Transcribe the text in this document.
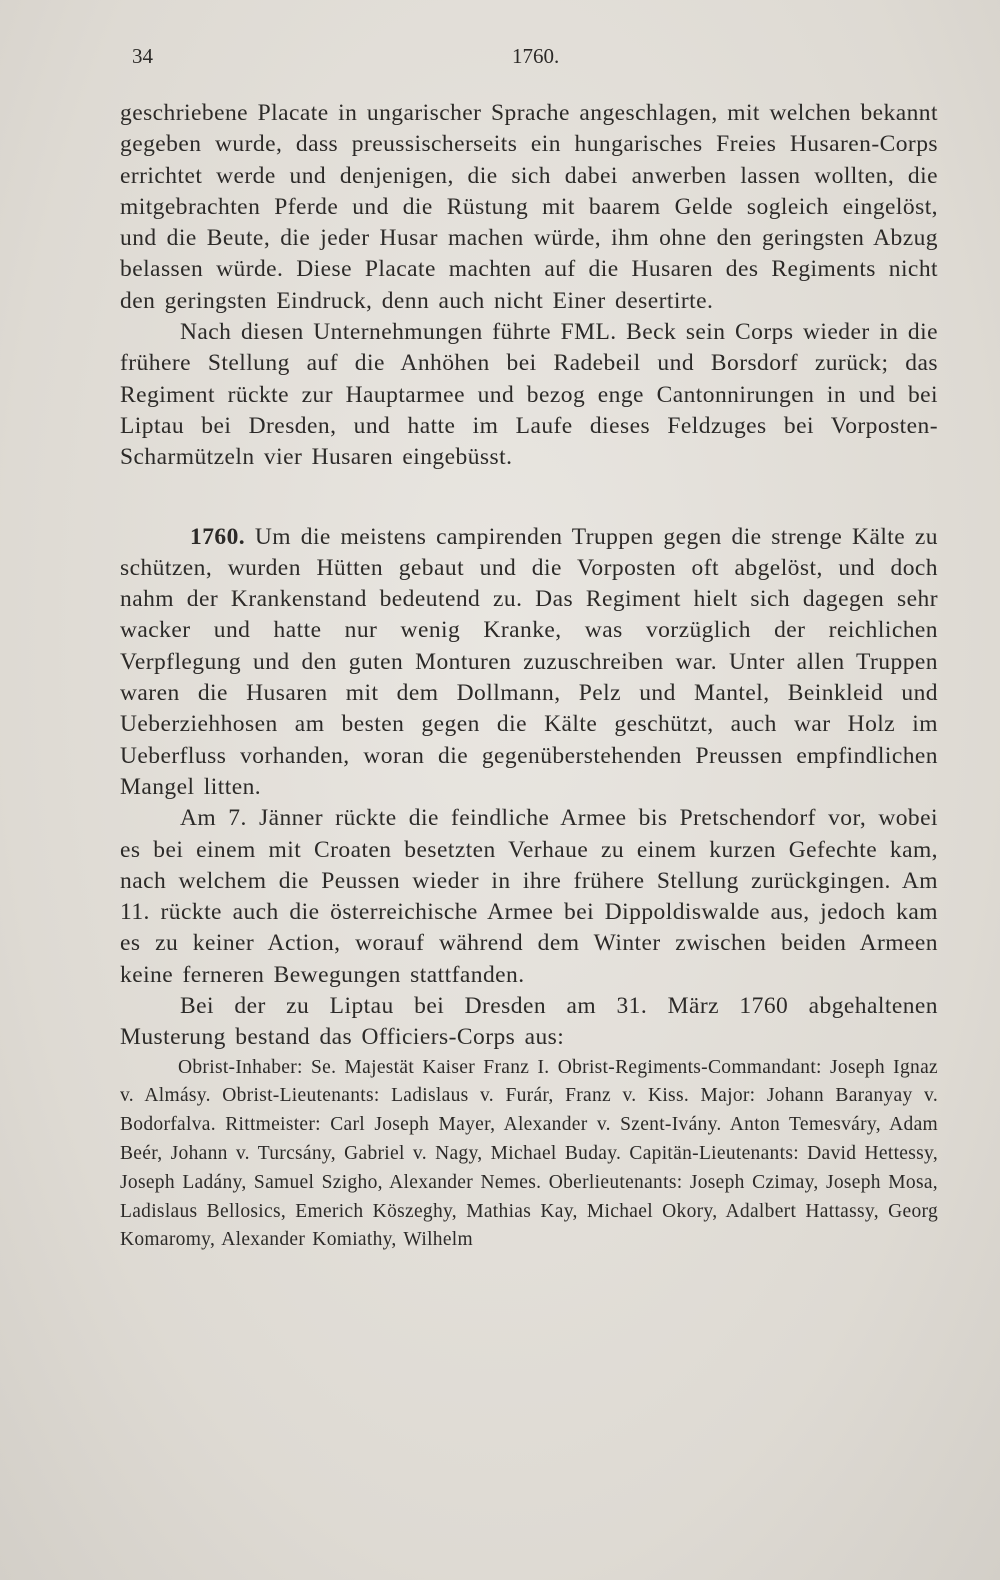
34	1760.

geschriebene Placate in ungarischer Sprache angeschlagen, mit welchen bekannt gegeben wurde, dass preussischerseits ein hungarisches Freies Husaren-Corps errichtet werde und denjenigen, die sich dabei anwerben lassen wollten, die mitgebrachten Pferde und die Rüstung mit baarem Gelde sogleich eingelöst, und die Beute, die jeder Husar machen würde, ihm ohne den geringsten Abzug belassen würde. Diese Placate machten auf die Husaren des Regiments nicht den geringsten Eindruck, denn auch nicht Einer desertirte.

Nach diesen Unternehmungen führte FML. Beck sein Corps wieder in die frühere Stellung auf die Anhöhen bei Radebeil und Borsdorf zurück; das Regiment rückte zur Hauptarmee und bezog enge Cantonnirungen in und bei Liptau bei Dresden, und hatte im Laufe dieses Feldzuges bei Vorposten-Scharmützeln vier Husaren eingebüsst.

1760. Um die meistens campirenden Truppen gegen die strenge Kälte zu schützen, wurden Hütten gebaut und die Vorposten oft abgelöst, und doch nahm der Krankenstand bedeutend zu. Das Regiment hielt sich dagegen sehr wacker und hatte nur wenig Kranke, was vorzüglich der reichlichen Verpflegung und den guten Monturen zuzuschreiben war. Unter allen Truppen waren die Husaren mit dem Dollmann, Pelz und Mantel, Beinkleid und Ueberziehhosen am besten gegen die Kälte geschützt, auch war Holz im Ueberfluss vorhanden, woran die gegenüberstehenden Preussen empfindlichen Mangel litten.

Am 7. Jänner rückte die feindliche Armee bis Pretschendorf vor, wobei es bei einem mit Croaten besetzten Verhaue zu einem kurzen Gefechte kam, nach welchem die Peussen wieder in ihre frühere Stellung zurückgingen. Am 11. rückte auch die österreichische Armee bei Dippoldiswalde aus, jedoch kam es zu keiner Action, worauf während dem Winter zwischen beiden Armeen keine ferneren Bewegungen stattfanden.

Bei der zu Liptau bei Dresden am 31. März 1760 abgehaltenen Musterung bestand das Officiers-Corps aus:

Obrist-Inhaber: Se. Majestät Kaiser Franz I. Obrist-Regiments-Commandant: Joseph Ignaz v. Almásy. Obrist-Lieutenants: Ladislaus v. Furár, Franz v. Kiss. Major: Johann Baranyay v. Bodorfalva. Rittmeister: Carl Joseph Mayer, Alexander v. Szent-Ivány. Anton Temesváry, Adam Beér, Johann v. Turcsány, Gabriel v. Nagy, Michael Buday. Capitän-Lieutenants: David Hettessy, Joseph Ladány, Samuel Szigho, Alexander Nemes. Oberlieutenants: Joseph Czimay, Joseph Mosa, Ladislaus Bellosics, Emerich Köszeghy, Mathias Kay, Michael Okory, Adalbert Hattassy, Georg Komaromy, Alexander Komiathy, Wilhelm
